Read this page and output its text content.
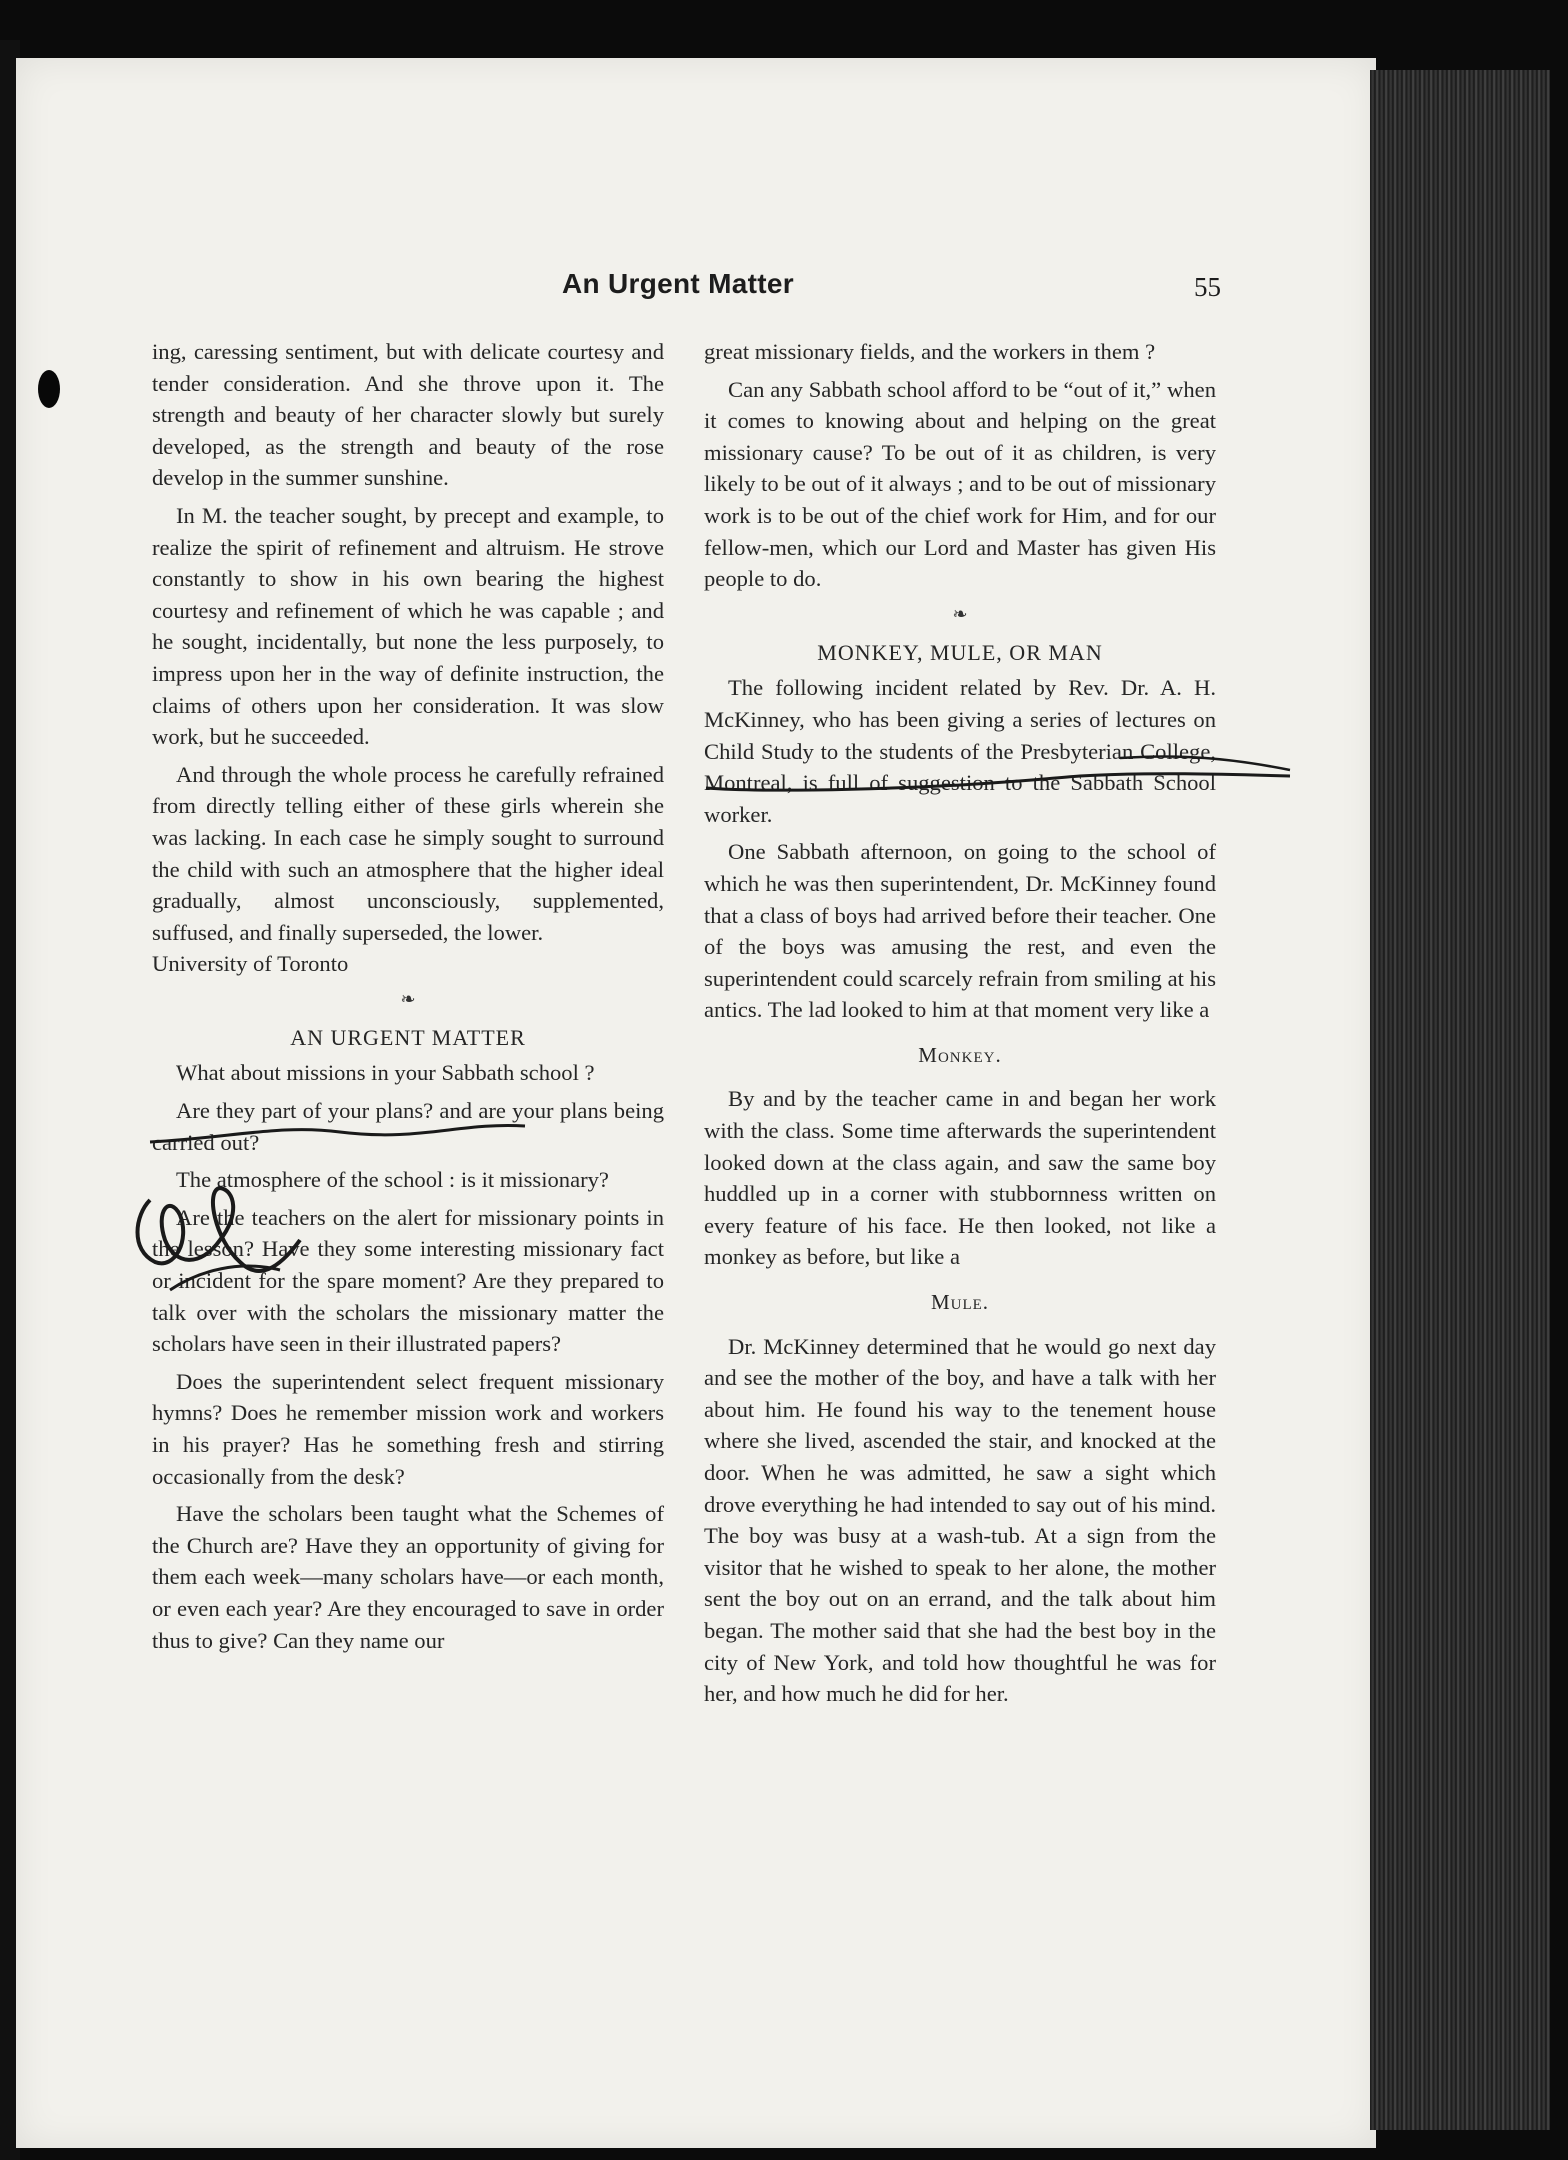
An Urgent Matter	55

ing, caressing sentiment, but with delicate courtesy and tender consideration. And she throve upon it. The strength and beauty of her character slowly but surely developed, as the strength and beauty of the rose develop in the summer sunshine.

In M. the teacher sought, by precept and example, to realize the spirit of refinement and altruism. He strove constantly to show in his own bearing the highest courtesy and refinement of which he was capable ; and he sought, incidentally, but none the less purposely, to impress upon her in the way of definite instruction, the claims of others upon her consideration. It was slow work, but he succeeded.

And through the whole process he carefully refrained from directly telling either of these girls wherein she was lacking. In each case he simply sought to surround the child with such an atmosphere that the higher ideal gradually, almost unconsciously, supplemented, suffused, and finally superseded, the lower.

University of Toronto

❧
AN URGENT MATTER

What about missions in your Sabbath school ?

Are they part of your plans? and are your plans being carried out?

The atmosphere of the school : is it missionary?

Are the teachers on the alert for missionary points in the lesson? Have they some interesting missionary fact or incident for the spare moment? Are they prepared to talk over with the scholars the missionary matter the scholars have seen in their illustrated papers?

Does the superintendent select frequent missionary hymns? Does he remember mission work and workers in his prayer? Has he something fresh and stirring occasionally from the desk?

Have the scholars been taught what the Schemes of the Church are? Have they an opportunity of giving for them each week—many scholars have—or each month, or even each year? Are they encouraged to save in order thus to give? Can they name our

great missionary fields, and the workers in them ?

Can any Sabbath school afford to be “out of it,” when it comes to knowing about and helping on the great missionary cause? To be out of it as children, is very likely to be out of it always ; and to be out of missionary work is to be out of the chief work for Him, and for our fellow-men, which our Lord and Master has given His people to do.

❧
MONKEY, MULE, OR MAN

The following incident related by Rev. Dr. A. H. McKinney, who has been giving a series of lectures on Child Study to the students of the Presbyterian College, Montreal, is full of suggestion to the Sabbath School worker.

One Sabbath afternoon, on going to the school of which he was then superintendent, Dr. McKinney found that a class of boys had arrived before their teacher. One of the boys was amusing the rest, and even the superintendent could scarcely refrain from smiling at his antics. The lad looked to him at that moment very like a

Monkey.

By and by the teacher came in and began her work with the class. Some time afterwards the superintendent looked down at the class again, and saw the same boy huddled up in a corner with stubbornness written on every feature of his face. He then looked, not like a monkey as before, but like a

Mule.

Dr. McKinney determined that he would go next day and see the mother of the boy, and have a talk with her about him. He found his way to the tenement house where she lived, ascended the stair, and knocked at the door. When he was admitted, he saw a sight which drove everything he had intended to say out of his mind. The boy was busy at a wash-tub. At a sign from the visitor that he wished to speak to her alone, the mother sent the boy out on an errand, and the talk about him began. The mother said that she had the best boy in the city of New York, and told how thoughtful he was for her, and how much he did for her.
